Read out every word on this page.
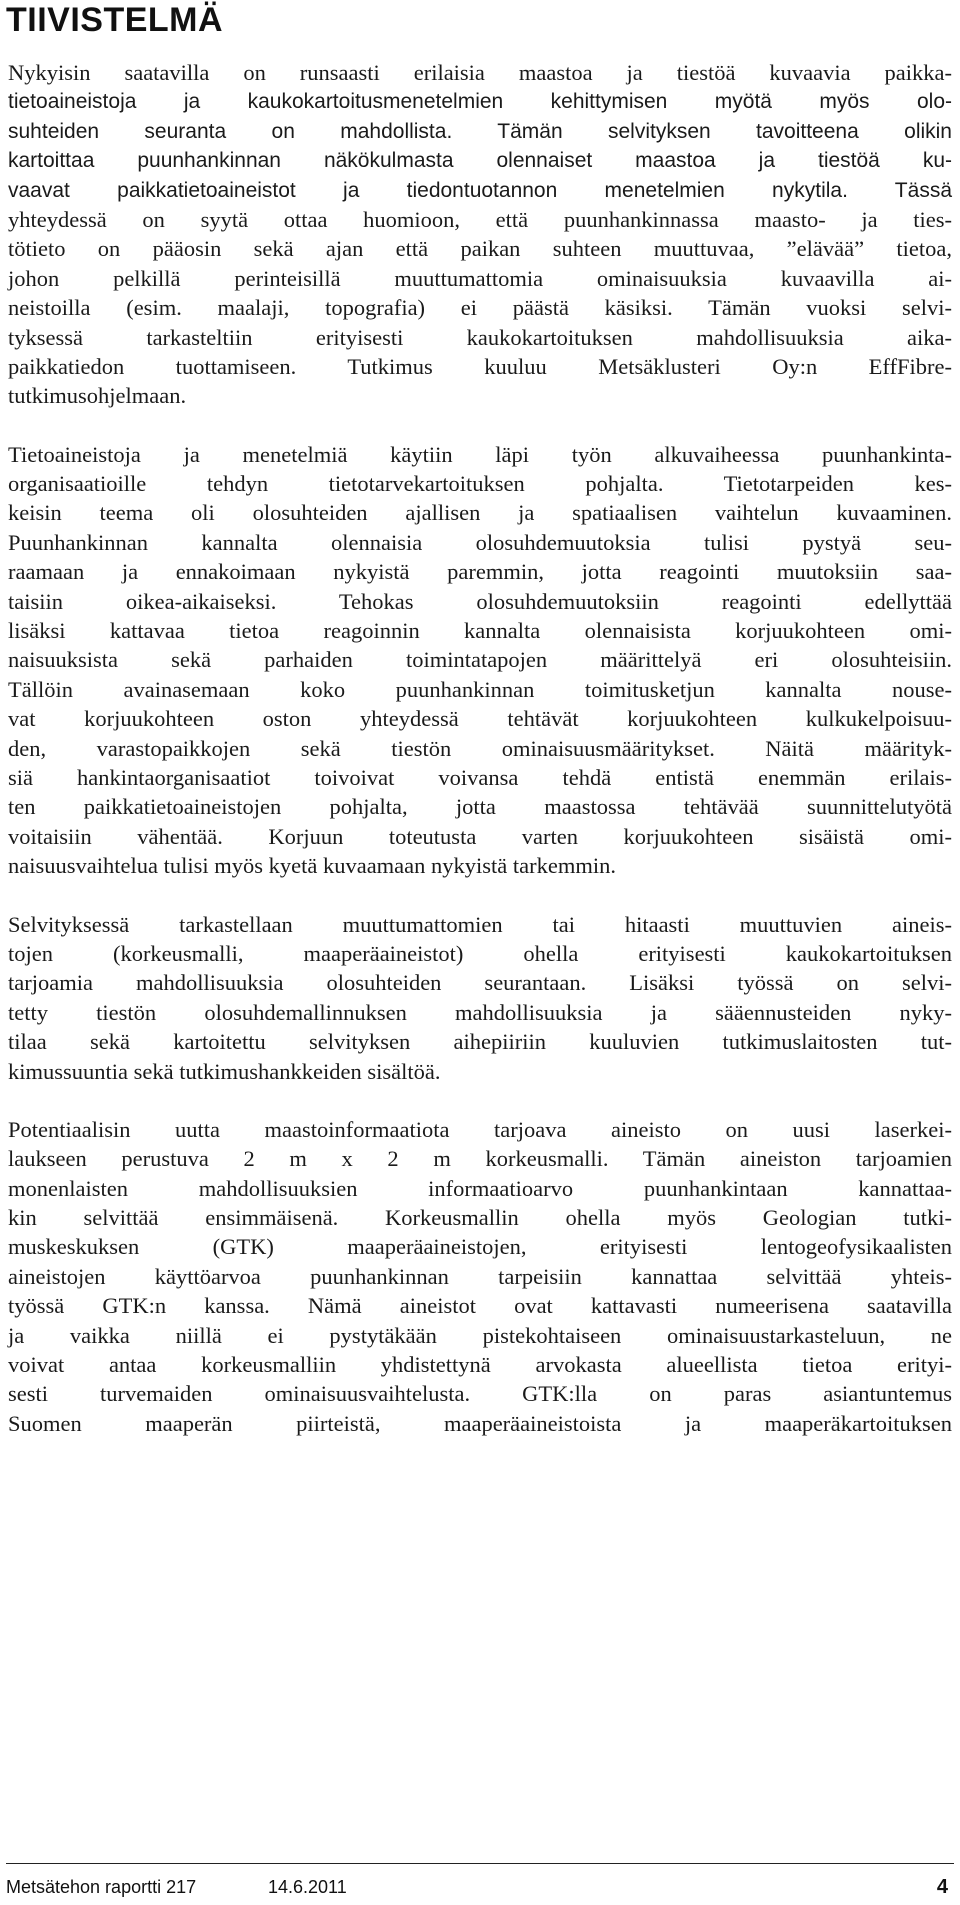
TIIVISTELMÄ
Nykyisin saatavilla on runsaasti erilaisia maastoa ja tiestöä kuvaavia paikka-
tietoaineistoja ja kaukokartoitusmenetelmien kehittymisen myötä myös olo-
suhteiden seuranta on mahdollista. Tämän selvityksen tavoitteena olikin
kartoittaa puunhankinnan näkökulmasta olennaiset maastoa ja tiestöä ku-
vaavat paikkatietoaineistot ja tiedontuotannon menetelmien nykytila. Tässä
yhteydessä on syytä ottaa huomioon, että puunhankinnassa maasto- ja ties-
tötieto on pääosin sekä ajan että paikan suhteen muuttuvaa, ”elävää” tietoa,
johon pelkillä perinteisillä muuttumattomia ominaisuuksia kuvaavilla ai-
neistoilla (esim. maalaji, topografia) ei päästä käsiksi. Tämän vuoksi selvi-
tyksessä tarkasteltiin erityisesti kaukokartoituksen mahdollisuuksia aika-
paikkatiedon tuottamiseen. Tutkimus kuuluu Metsäklusteri Oy:n EffFibre-
tutkimusohjelmaan.
Tietoaineistoja ja menetelmiä käytiin läpi työn alkuvaiheessa puunhankinta-
organisaatioille tehdyn tietotarvekartoituksen pohjalta. Tietotarpeiden kes-
keisin teema oli olosuhteiden ajallisen ja spatiaalisen vaihtelun kuvaaminen.
Puunhankinnan kannalta olennaisia olosuhdemuutoksia tulisi pystyä seu-
raamaan ja ennakoimaan nykyistä paremmin, jotta reagointi muutoksiin saa-
taisiin oikea-aikaiseksi. Tehokas olosuhdemuutoksiin reagointi edellyttää
lisäksi kattavaa tietoa reagoinnin kannalta olennaisista korjuukohteen omi-
naisuuksista sekä parhaiden toimintatapojen määrittelyä eri olosuhteisiin.
Tällöin avainasemaan koko puunhankinnan toimitusketjun kannalta nouse-
vat korjuukohteen oston yhteydessä tehtävät korjuukohteen kulkukelpoisuu-
den, varastopaikkojen sekä tiestön ominaisuusmääritykset. Näitä määrityk-
siä hankintaorganisaatiot toivoivat voivansa tehdä entistä enemmän erilais-
ten paikkatietoaineistojen pohjalta, jotta maastossa tehtävää suunnittelutyötä
voitaisiin vähentää. Korjuun toteutusta varten korjuukohteen sisäistä omi-
naisuusvaihtelua tulisi myös kyetä kuvaamaan nykyistä tarkemmin.
Selvityksessä tarkastellaan muuttumattomien tai hitaasti muuttuvien aineis-
tojen (korkeusmalli, maaperäaineistot) ohella erityisesti kaukokartoituksen
tarjoamia mahdollisuuksia olosuhteiden seurantaan. Lisäksi työssä on selvi-
tetty tiestön olosuhdemallinnuksen mahdollisuuksia ja sääennusteiden nyky-
tilaa sekä kartoitettu selvityksen aihepiiriin kuuluvien tutkimuslaitosten tut-
kimussuuntia sekä tutkimushankkeiden sisältöä.
Potentiaalisin uutta maastoinformaatiota tarjoava aineisto on uusi laserkei-
laukseen perustuva 2 m x 2 m korkeusmalli. Tämän aineiston tarjoamien
monenlaisten mahdollisuuksien informaatioarvo puunhankintaan kannattaa-
kin selvittää ensimmäisenä. Korkeusmallin ohella myös Geologian tutki-
muskeskuksen (GTK) maaperäaineistojen, erityisesti lentogeofysikaalisten
aineistojen käyttöarvoa puunhankinnan tarpeisiin kannattaa selvittää yhteis-
työssä GTK:n kanssa. Nämä aineistot ovat kattavasti numeerisena saatavilla
ja vaikka niillä ei pystytäkään pistekohtaiseen ominaisuustarkasteluun, ne
voivat antaa korkeusmalliin yhdistettynä arvokasta alueellista tietoa erityi-
sesti turvemaiden ominaisuusvaihtelusta. GTK:lla on paras asiantuntemus
Suomen maaperän piirteistä, maaperäaineistoista ja maaperäkartoituksen
Metsätehon raportti 217	14.6.2011	4
